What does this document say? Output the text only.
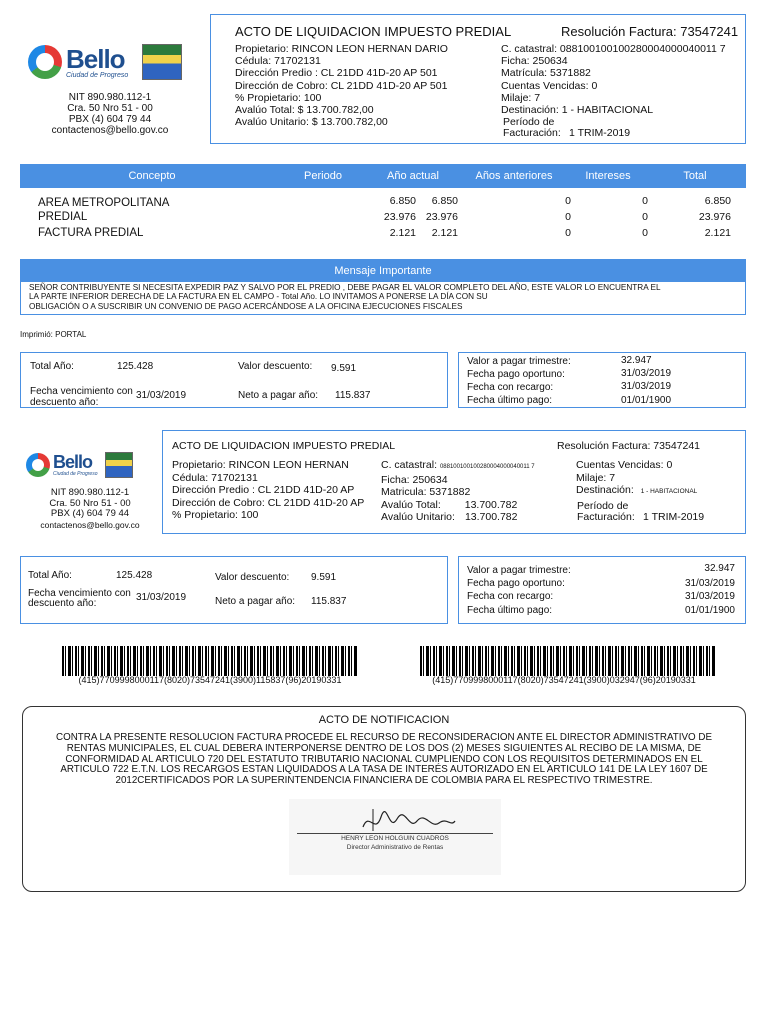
Bello
Ciudad de Progreso
NIT 890.980.112-1
Cra. 50 Nro 51 - 00
PBX (4) 604 79 44
contactenos@bello.gov.co
ACTO DE LIQUIDACION IMPUESTO PREDIAL	Resolución Factura: 73547241
Propietario: RINCON LEON HERNAN DARIO
Cédula: 71702131
Dirección Predio : CL 21DD 41D-20 AP 501
Dirección de Cobro: CL 21DD 41D-20 AP 501
% Propietario: 100
Avalúo Total: $ 13.700.782,00
Avalúo Unitario: $ 13.700.782,00
C. catastral: 088100100100280004000040011 7
Ficha: 250634
Matrícula: 5371882
Cuentas Vencidas: 0
Milaje: 7
Destinación: 1 - HABITACIONAL
Período de
Facturación: 1 TRIM-2019
Concepto	Periodo	Año actual	Años anteriores	Intereses	Total
AREA METROPOLITANA	6.850 6.850	0	0	6.850
PREDIAL	23.976 23.976	0	0	23.976
FACTURA PREDIAL	2.121 2.121	0	0	2.121
Mensaje Importante
SEÑOR CONTRIBUYENTE SI NECESITA EXPEDIR PAZ Y SALVO POR EL PREDIO , DEBE PAGAR EL VALOR COMPLETO DEL AÑO, ESTE VALOR LO ENCUENTRA EL
LA PARTE INFERIOR DERECHA DE LA FACTURA EN EL CAMPO - Total Año. LO INVITAMOS A PONERSE LA DÍA CON SU
OBLIGACIÓN O A SUSCRIBIR UN CONVENIO DE PAGO ACERCÁNDOSE A LA OFICINA EJECUCIONES FISCALES
Imprimió: PORTAL
Total Año:	125.428	Valor descuento: 9.591
Fecha vencimiento con
descuento año:
31/03/2019	Neto a pagar año: 115.837
Valor a pagar trimestre:	32.947
Fecha pago oportuno:	31/03/2019
Fecha con recargo:	31/03/2019
Fecha último pago:	01/01/1900
Bello
Ciudad de Progreso
NIT 890.980.112-1
Cra. 50 Nro 51 - 00
PBX (4) 604 79 44
contactenos@bello.gov.co
ACTO DE LIQUIDACION IMPUESTO PREDIAL	Resolución Factura: 73547241
Propietario: RINCON LEON HERNAN
Cédula: 71702131
Dirección Predio : CL 21DD 41D-20 AP
Dirección de Cobro: CL 21DD 41D-20 AP
% Propietario: 100
C. catastral: 088100100100280004000040011 7
Ficha: 250634
Matricula: 5371882
Avalúo Total: 13.700.782
Avalúo Unitario: 13.700.782
Cuentas Vencidas: 0
Milaje: 7
Destinación: 1 - HABITACIONAL
Período de
Facturación: 1 TRIM-2019
Total Año:	125.428	Valor descuento: 9.591
Fecha vencimiento con
descuento año:
31/03/2019	Neto a pagar año: 115.837
Valor a pagar trimestre:	32.947
Fecha pago oportuno:	31/03/2019
Fecha con recargo:	31/03/2019
Fecha último pago:	01/01/1900
(415)7709998000117(8020)73547241(3900)115837(96)20190331	(415)7709998000117(8020)73547241(3900)032947(96)20190331
ACTO DE NOTIFICACION
CONTRA LA PRESENTE RESOLUCION FACTURA PROCEDE EL RECURSO DE RECONSIDERACION ANTE EL DIRECTOR ADMINISTRATIVO DE
RENTAS MUNICIPALES, EL CUAL DEBERA INTERPONERSE DENTRO DE LOS DOS (2) MESES SIGUIENTES AL RECIBO DE LA MISMA, DE
CONFORMIDAD AL ARTICULO 720 DEL ESTATUTO TRIBUTARIO NACIONAL CUMPLIENDO CON LOS REQUISITOS DETERMINADOS EN EL
ARTICULO 722 E.T.N. LOS RECARGOS ESTAN LIQUIDADOS A LA TASA DE INTERÉS AUTORIZADO EN EL ARTICULO 141 DE LA LEY 1607 DE
2012CERTIFICADOS POR LA SUPERINTENDENCIA FINANCIERA DE COLOMBIA PARA EL RESPECTIVO TRIMESTRE.
HENRY LEON HOLGUIN CUADROS
Director Administrativo de Rentas
